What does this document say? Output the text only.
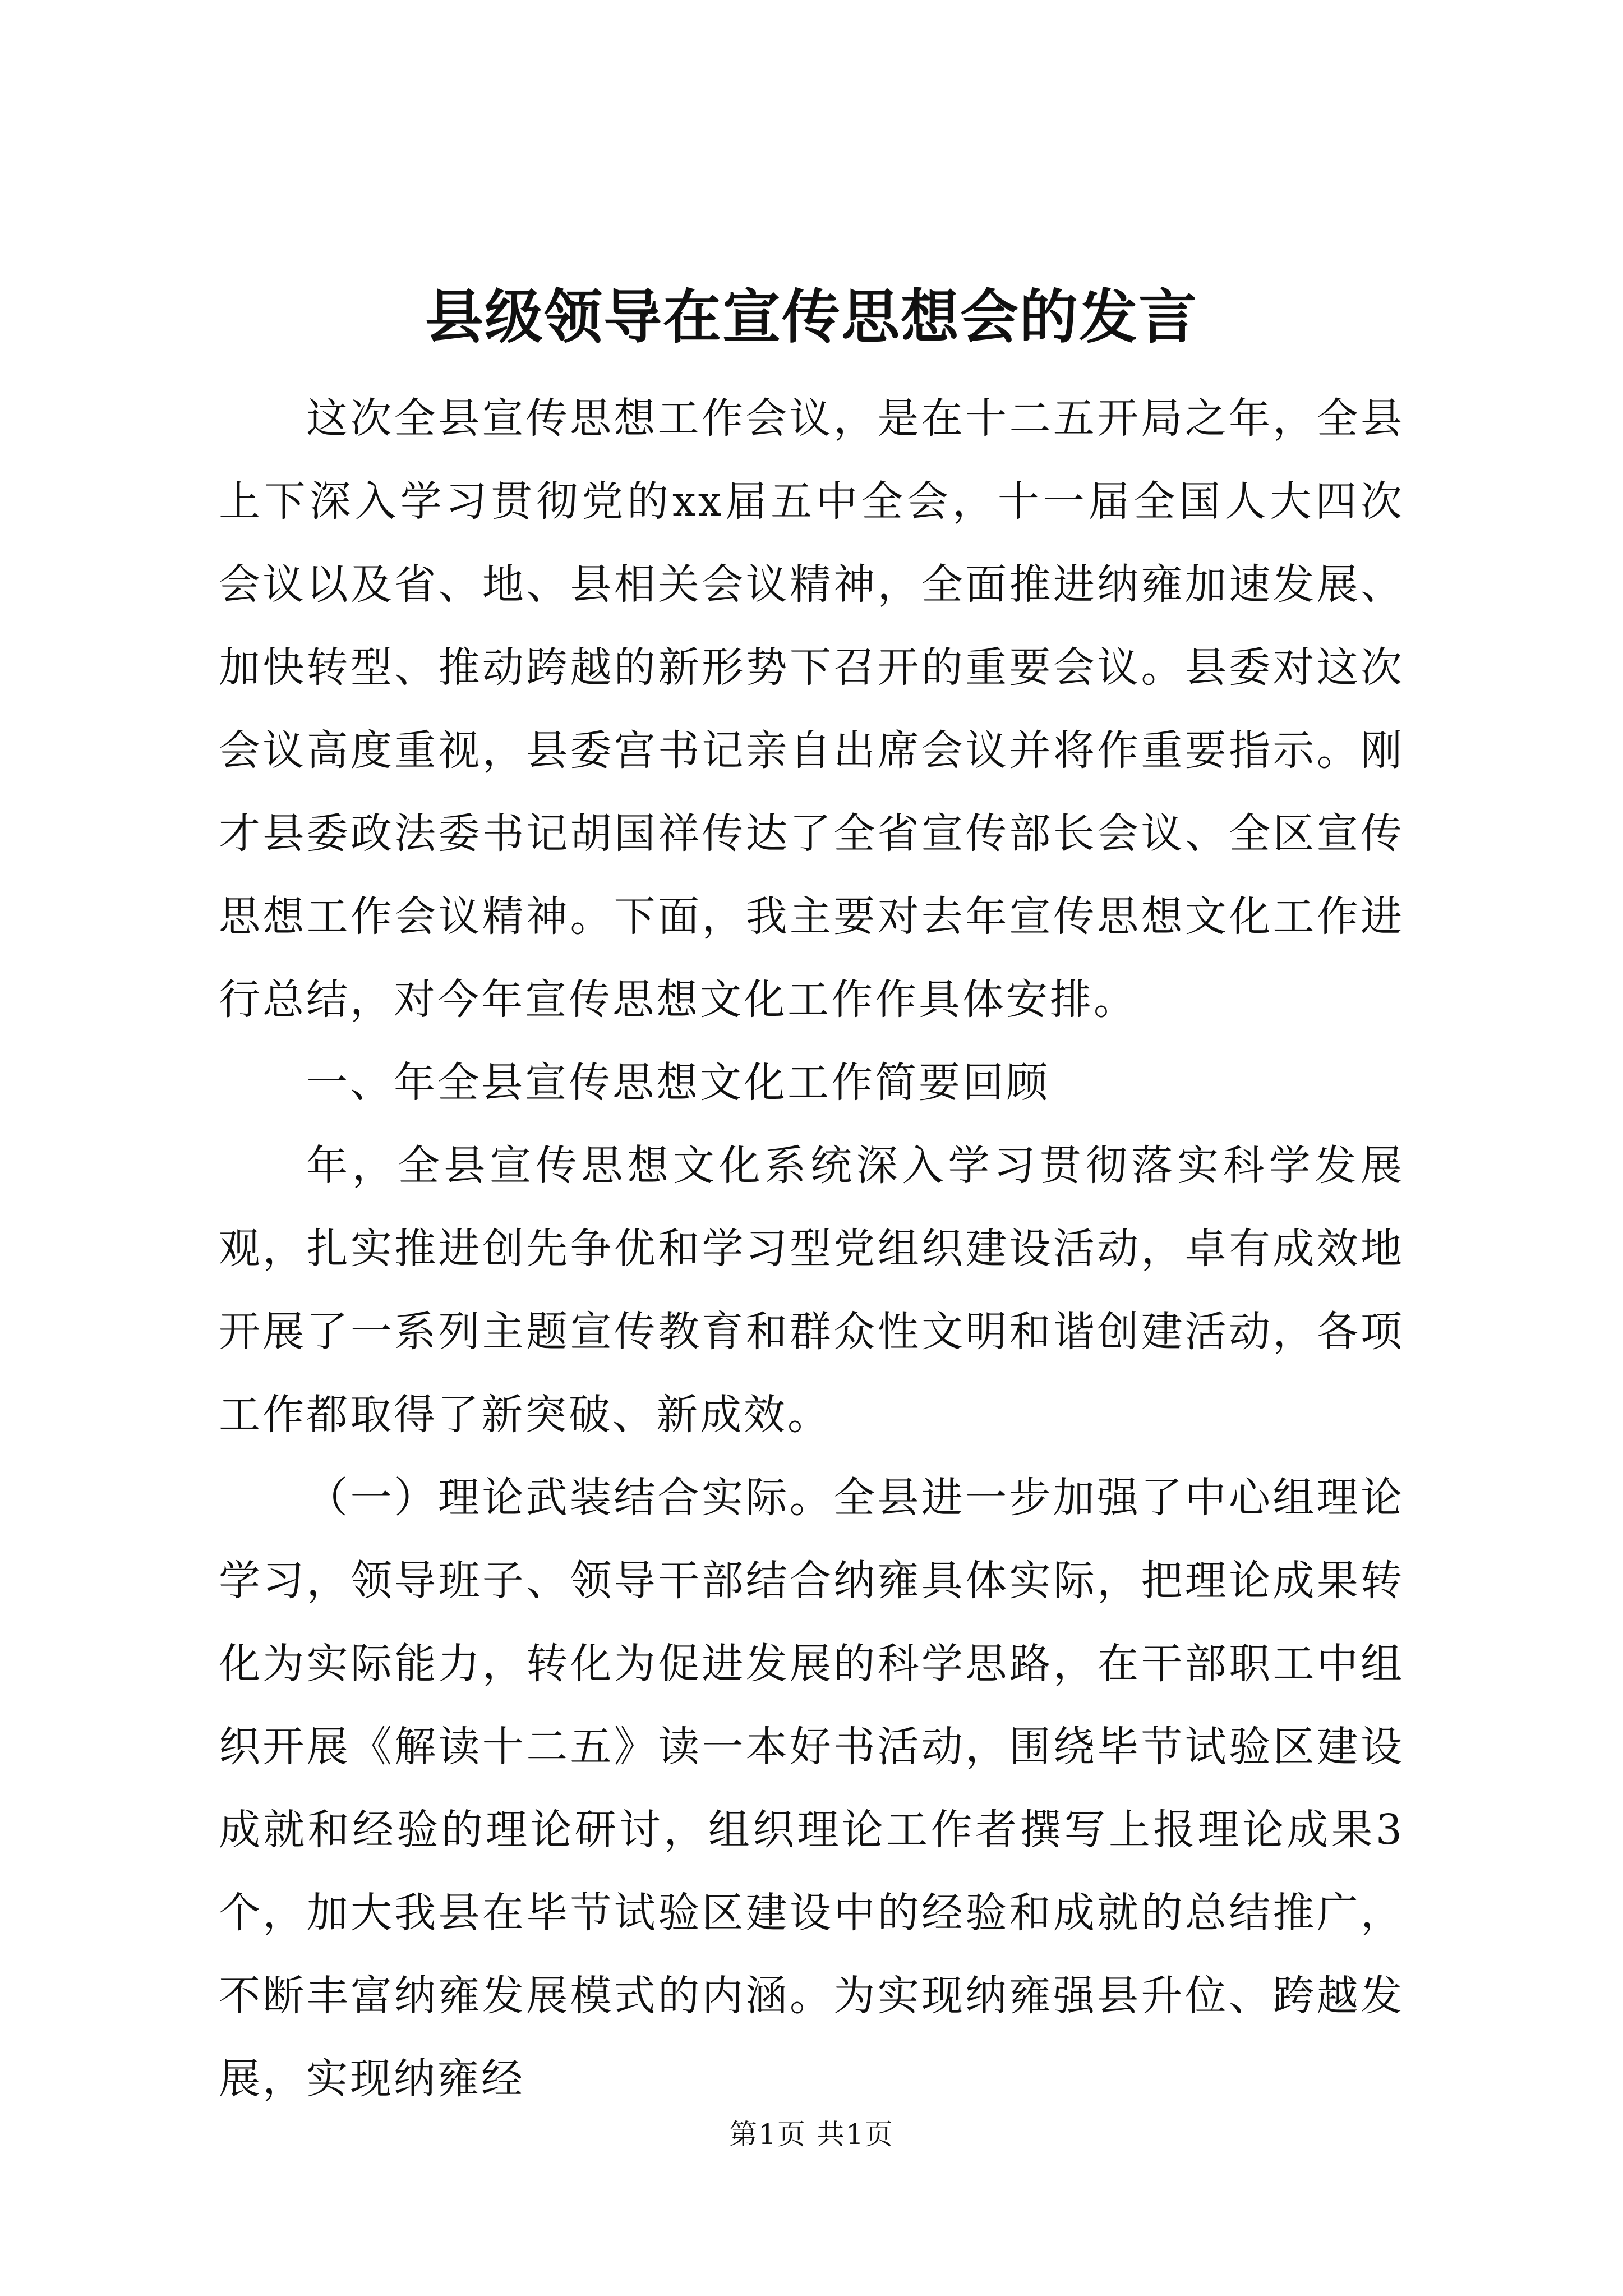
县级领导在宣传思想会的发言

这次全县宣传思想工作会议，是在十二五开局之年，全县上下深入学习贯彻党的xx届五中全会，十一届全国人大四次会议以及省、地、县相关会议精神，全面推进纳雍加速发展、加快转型、推动跨越的新形势下召开的重要会议。县委对这次会议高度重视，县委宫书记亲自出席会议并将作重要指示。刚才县委政法委书记胡国祥传达了全省宣传部长会议、全区宣传思想工作会议精神。下面，我主要对去年宣传思想文化工作进行总结，对今年宣传思想文化工作作具体安排。

一、年全县宣传思想文化工作简要回顾

年，全县宣传思想文化系统深入学习贯彻落实科学发展观，扎实推进创先争优和学习型党组织建设活动，卓有成效地开展了一系列主题宣传教育和群众性文明和谐创建活动，各项工作都取得了新突破、新成效。

（一）理论武装结合实际。全县进一步加强了中心组理论学习，领导班子、领导干部结合纳雍具体实际，把理论成果转化为实际能力，转化为促进发展的科学思路，在干部职工中组织开展《解读十二五》读一本好书活动，围绕毕节试验区建设成就和经验的理论研讨，组织理论工作者撰写上报理论成果3个，加大我县在毕节试验区建设中的经验和成就的总结推广，不断丰富纳雍发展模式的内涵。为实现纳雍强县升位、跨越发展，实现纳雍经

第1页 共1页
